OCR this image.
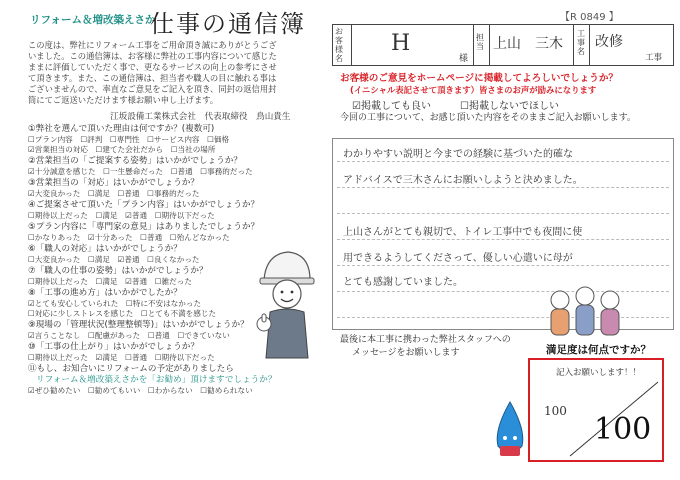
リフォーム＆増改築えさか
仕事の通信簿
この度は、弊社にリフォーム工事をご用命頂き誠にありがとうござ
いました。この通信簿は、お客様に弊社の工事内容について感じた
ままに評価していただく事で、更なるサービスの向上の参考にさせ
て頂きます。また、この通信簿は、担当者や職人の目に触れる事は
ございませんので、率直なご意見をご記入を頂き、同封の返信用封
筒にてご返送いただけます様お願い申し上げます。
江坂設備工業株式会社　代表取締役　鳥山貴生
①弊社を選んで頂いた理由は何ですか？(複数可)
☐プラン内容　☐評判　☐専門性　☐サービス内容　☐価格
☑営業担当の対応　☐建てた会社だから　☐当社の場所
②営業担当の「ご提案する姿勢」はいかがでしょうか？
☑十分誠意を感じた　☐一生懸命だった　☐普通　☐事務的だった
③営業担当の「対応」はいかがでしょうか？
☑大変良かった　☐満足　☐普通　☐事務的だった
④ご提案させて頂いた「プラン内容」はいかがでしょうか？
☐期待以上だった　☐満足　☑普通　☐期待以下だった
⑤プラン内容に「専門家の意見」はありましたでしょうか？
☐かなりあった　☑十分あった　☐普通　☐殆んどなかった
⑥「職人の対応」はいかがでしょうか？
☐大変良かった　☐満足　☑普通　☐良くなかった
⑦「職人の仕事の姿勢」はいかがでしょうか？
☐期待以上だった　☐満足　☑普通　☐雑だった
⑧「工事の進め方」はいかがでしたか？
☑とても安心していられた　☐特に不安はなかった
☐対応に少しストレスを感じた　☐とても不満を感じた
⑨現場の「管理状況(整理整頓等)」はいかがでしょうか？
☑言うことなし　☐配慮があった　☐普通　☐できていない
⑩「工事の仕上がり」はいかがでしょうか？
☐期待以上だった　☑満足　☐普通　☐期待以下だった
⑪もし、お知合いにリフォームの予定がありましたら
リフォーム＆増改築えさかを「お勧め」頂けますでしょうか？
☑ぜひ勧めたい　☐勧めてもいい　☐わからない　☐勧められない
【R 0849 】
お客様名
H
様
担当 上山　三木
工事名
改修
工事
お客様のご意見をホームページに掲載してよろしいでしょうか？
(イニシャル表記させて頂きます）皆さまのお声が励みになります
☑掲載しても良い	☐掲載しないでほしい
今回の工事について、お感じ頂いた内容をそのままご記入お願いします。
わかりやすい説明と今までの経験に基づいた的確な
アドバイスで三木さんにお願いしようと決めました。
上山さんがとても親切で、トイレ工事中でも夜間に使
用できるようしてくださって、優しい心遣いに母が
とても感謝していました。
最後に本工事に携わった弊社スタッフへの
メッセージをお願いします	満足度は何点ですか？
記入お願いします！！
100
100
